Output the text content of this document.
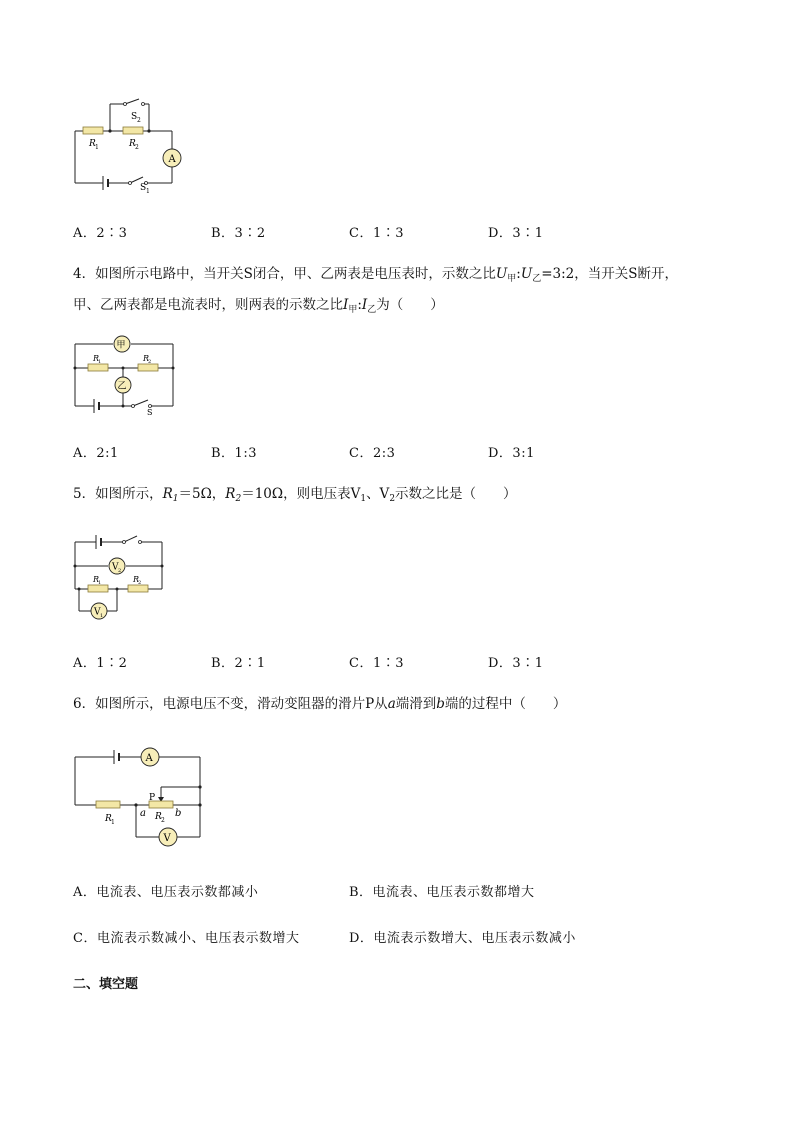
A
S 2
R 1	R 2
S 1
A．2∶3	B．3∶2	C．1∶3	D．3∶1
4．如图所示电路中，当开关S闭合，甲、乙两表是电压表时，示数之比$U_甲:U_乙=3:2$，当开关S断开，
甲、乙两表都是电流表时，则两表的示数之比$I_甲:I_乙$为（　　）
甲
乙
R
1	R
2
S
A．2:1	B．1:3	C．2:3	D．3:1
5．如图所示，$R_1=5\Omega$，$R_2=10\Omega$，则电压表$V_1$、$V_2$示数之比是（　　）
V 2
R
1	R
2
V 1
A．1∶2	B．2∶1	C．1∶3	D．3∶1
6．如图所示，电源电压不变，滑动变阻器的滑片P从a端滑到b端的过程中（　　）
A
P
R 1
a R 2
b
V
A．电流表、电压表示数都减小	B．电流表、电压表示数都增大
C．电流表示数减小、电压表示数增大	D．电流表示数增大、电压表示数减小
二、填空题
